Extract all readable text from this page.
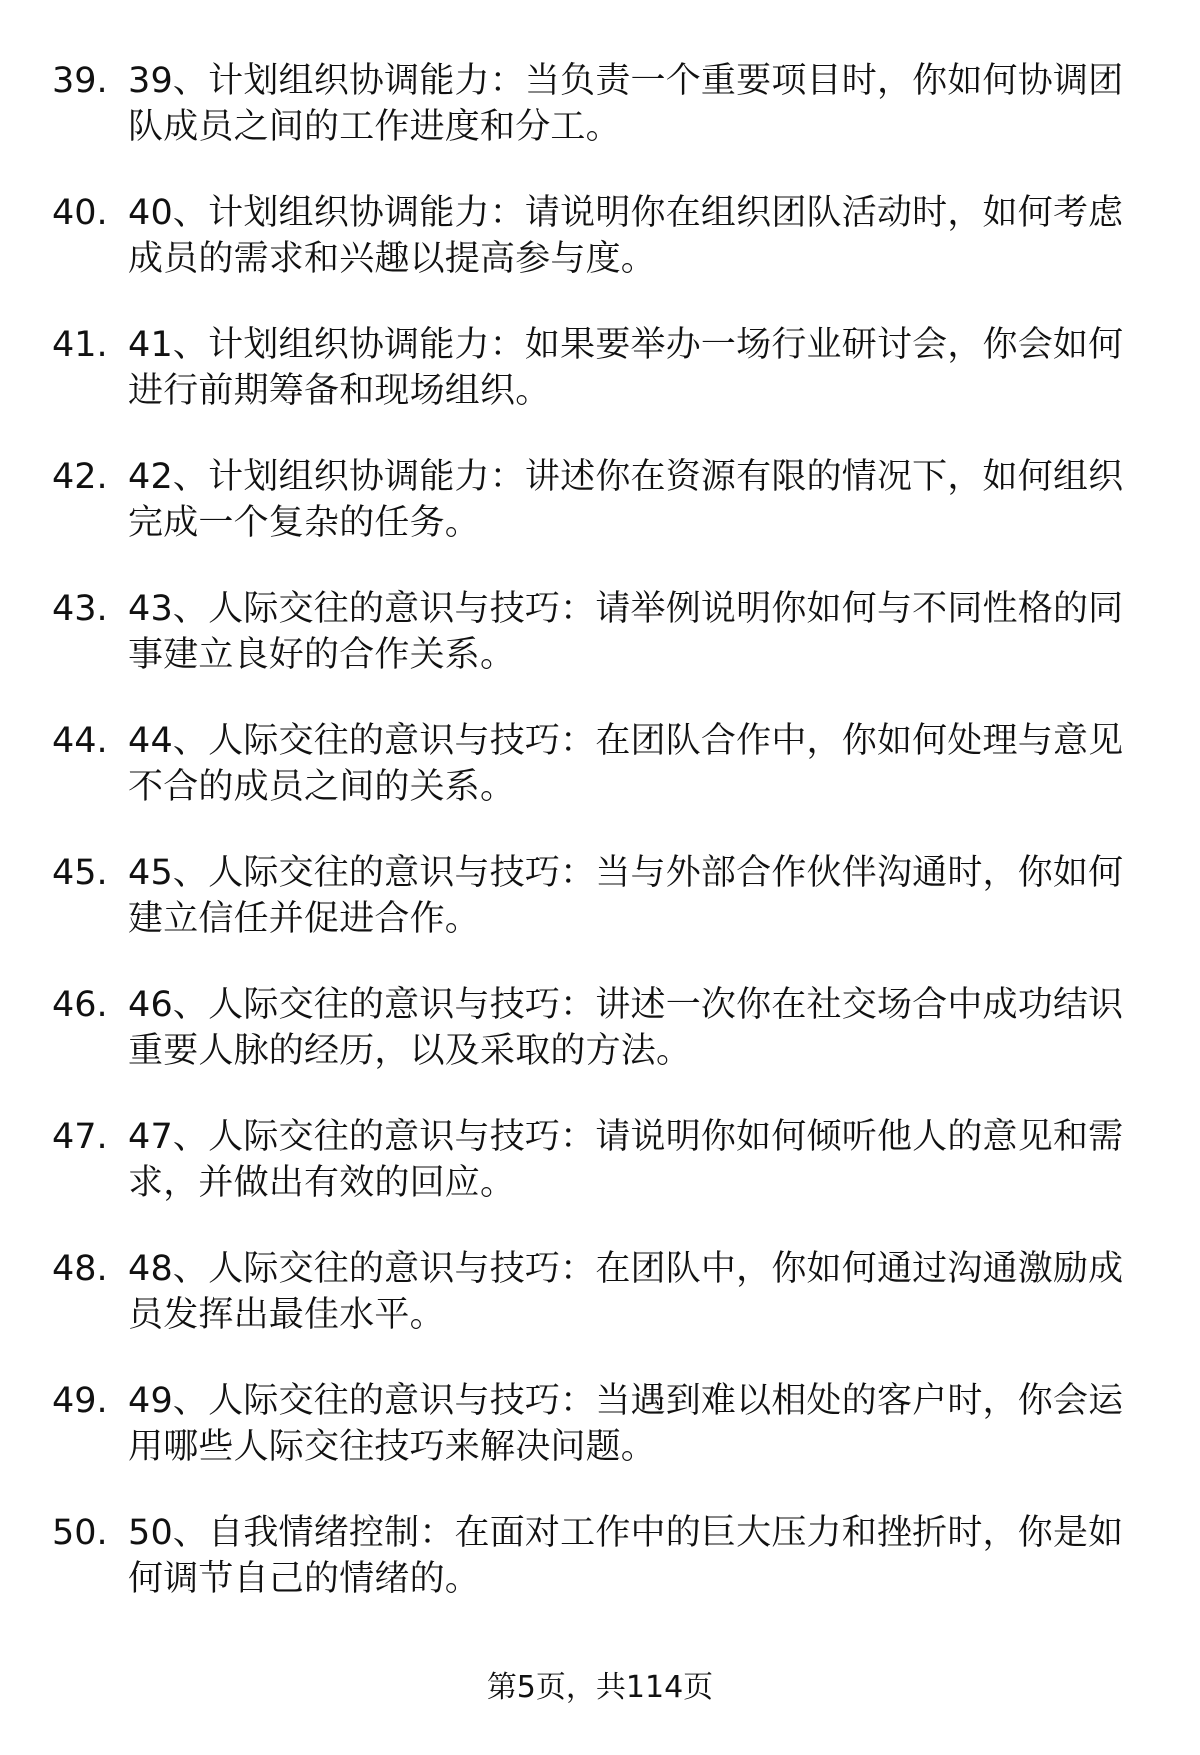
39. 39、计划组织协调能力：当负责一个重要项目时，你如何协调团队成员之间的工作进度和分工。
40. 40、计划组织协调能力：请说明你在组织团队活动时，如何考虑成员的需求和兴趣以提高参与度。
41. 41、计划组织协调能力：如果要举办一场行业研讨会，你会如何进行前期筹备和现场组织。
42. 42、计划组织协调能力：讲述你在资源有限的情况下，如何组织完成一个复杂的任务。
43. 43、人际交往的意识与技巧：请举例说明你如何与不同性格的同事建立良好的合作关系。
44. 44、人际交往的意识与技巧：在团队合作中，你如何处理与意见不合的成员之间的关系。
45. 45、人际交往的意识与技巧：当与外部合作伙伴沟通时，你如何建立信任并促进合作。
46. 46、人际交往的意识与技巧：讲述一次你在社交场合中成功结识重要人脉的经历，以及采取的方法。
47. 47、人际交往的意识与技巧：请说明你如何倾听他人的意见和需求，并做出有效的回应。
48. 48、人际交往的意识与技巧：在团队中，你如何通过沟通激励成员发挥出最佳水平。
49. 49、人际交往的意识与技巧：当遇到难以相处的客户时，你会运用哪些人际交往技巧来解决问题。
50. 50、自我情绪控制：在面对工作中的巨大压力和挫折时，你是如何调节自己的情绪的。
第5页，共114页
